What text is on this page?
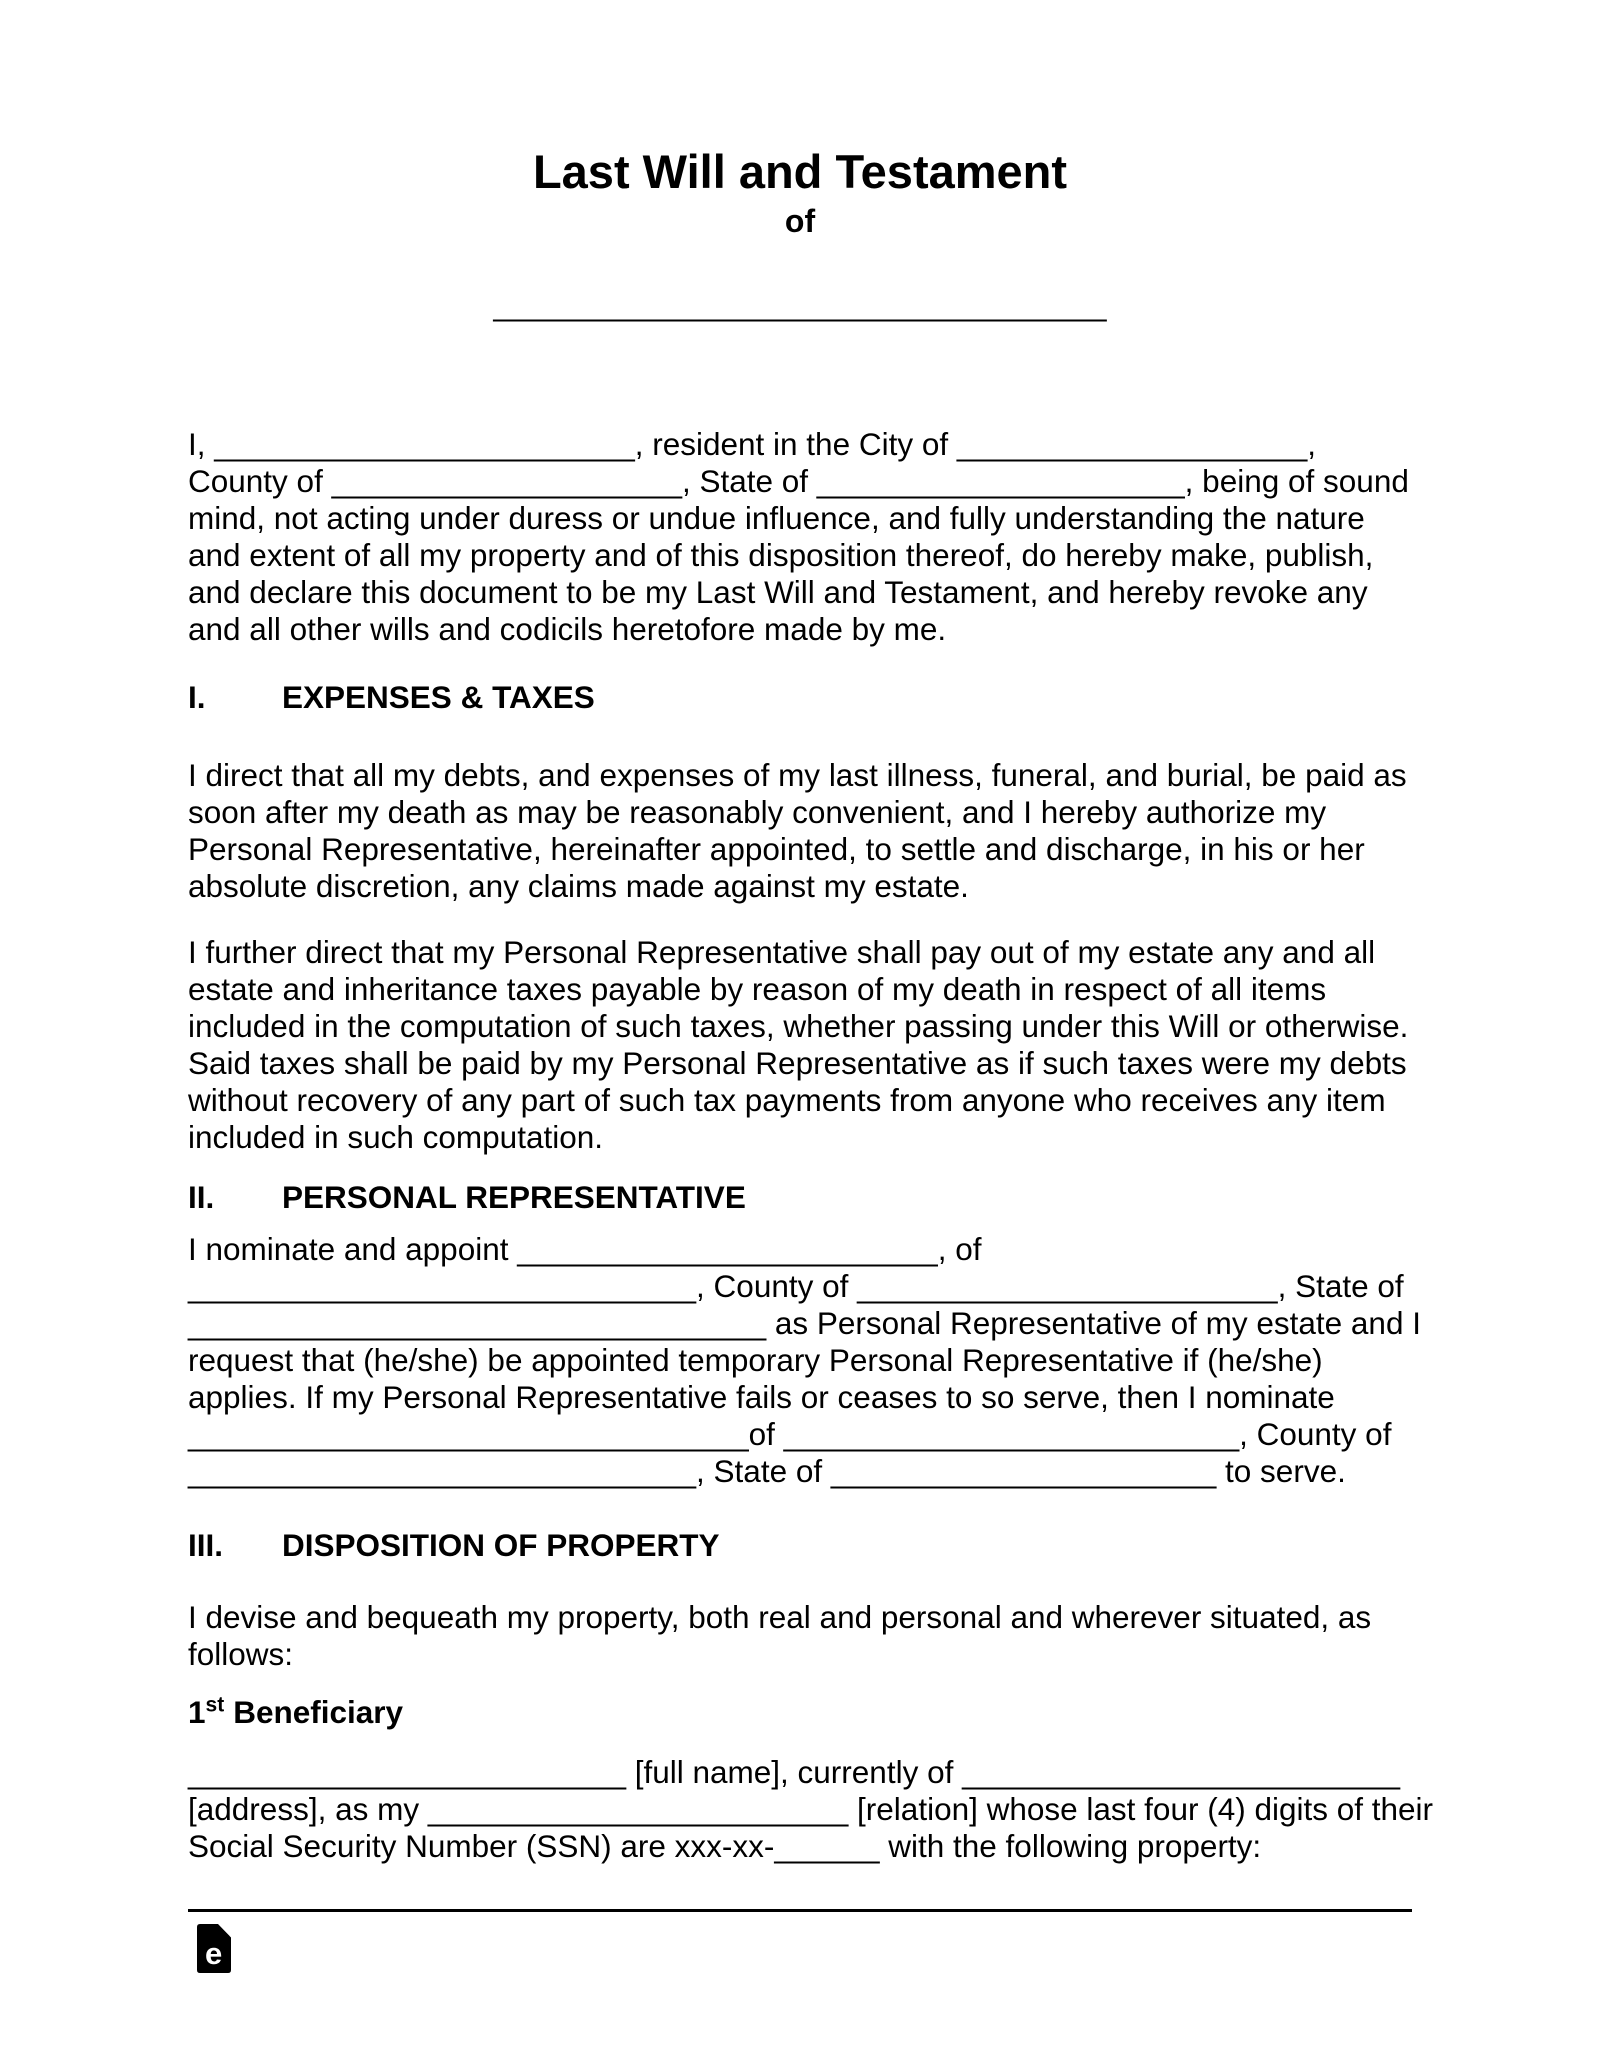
Last Will and Testament
of
___________________________________
I, ________________________, resident in the City of ____________________,
County of ____________________, State of _____________________, being of sound
mind, not acting under duress or undue influence, and fully understanding the nature
and extent of all my property and of this disposition thereof, do hereby make, publish,
and declare this document to be my Last Will and Testament, and hereby revoke any
and all other wills and codicils heretofore made by me.
I. EXPENSES & TAXES
I direct that all my debts, and expenses of my last illness, funeral, and burial, be paid as
soon after my death as may be reasonably convenient, and I hereby authorize my
Personal Representative, hereinafter appointed, to settle and discharge, in his or her
absolute discretion, any claims made against my estate.
I further direct that my Personal Representative shall pay out of my estate any and all
estate and inheritance taxes payable by reason of my death in respect of all items
included in the computation of such taxes, whether passing under this Will or otherwise.
Said taxes shall be paid by my Personal Representative as if such taxes were my debts
without recovery of any part of such tax payments from anyone who receives any item
included in such computation.
II. PERSONAL REPRESENTATIVE
I nominate and appoint ________________________, of
_____________________________, County of ________________________, State of
_________________________________ as Personal Representative of my estate and I
request that (he/she) be appointed temporary Personal Representative if (he/she)
applies. If my Personal Representative fails or ceases to so serve, then I nominate
________________________________of __________________________, County of
_____________________________, State of ______________________ to serve.
III. DISPOSITION OF PROPERTY
I devise and bequeath my property, both real and personal and wherever situated, as
follows:
1st Beneficiary
_________________________ [full name], currently of _________________________
[address], as my ________________________ [relation] whose last four (4) digits of their
Social Security Number (SSN) are xxx-xx-______ with the following property:
e
